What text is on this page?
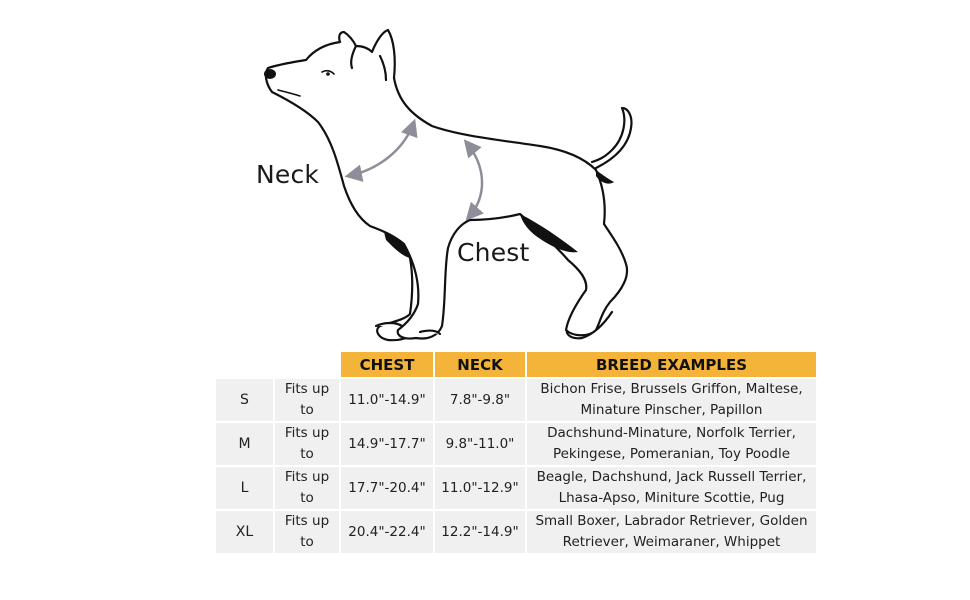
Neck
Chest
		CHEST	NECK	BREED EXAMPLES
S	Fits up to	11.0"-14.9"	7.8"-9.8"	Bichon Frise, Brussels Griffon, Maltese,
Minature Pinscher, Papillon
M	Fits up to	14.9"-17.7"	9.8"-11.0"	Dachshund-Minature, Norfolk Terrier,
Pekingese, Pomeranian, Toy Poodle
L	Fits up to	17.7"-20.4"	11.0"-12.9"	Beagle, Dachshund, Jack Russell Terrier,
Lhasa-Apso, Miniture Scottie, Pug
XL	Fits up to	20.4"-22.4"	12.2"-14.9"	Small Boxer, Labrador Retriever, Golden
Retriever, Weimaraner, Whippet
